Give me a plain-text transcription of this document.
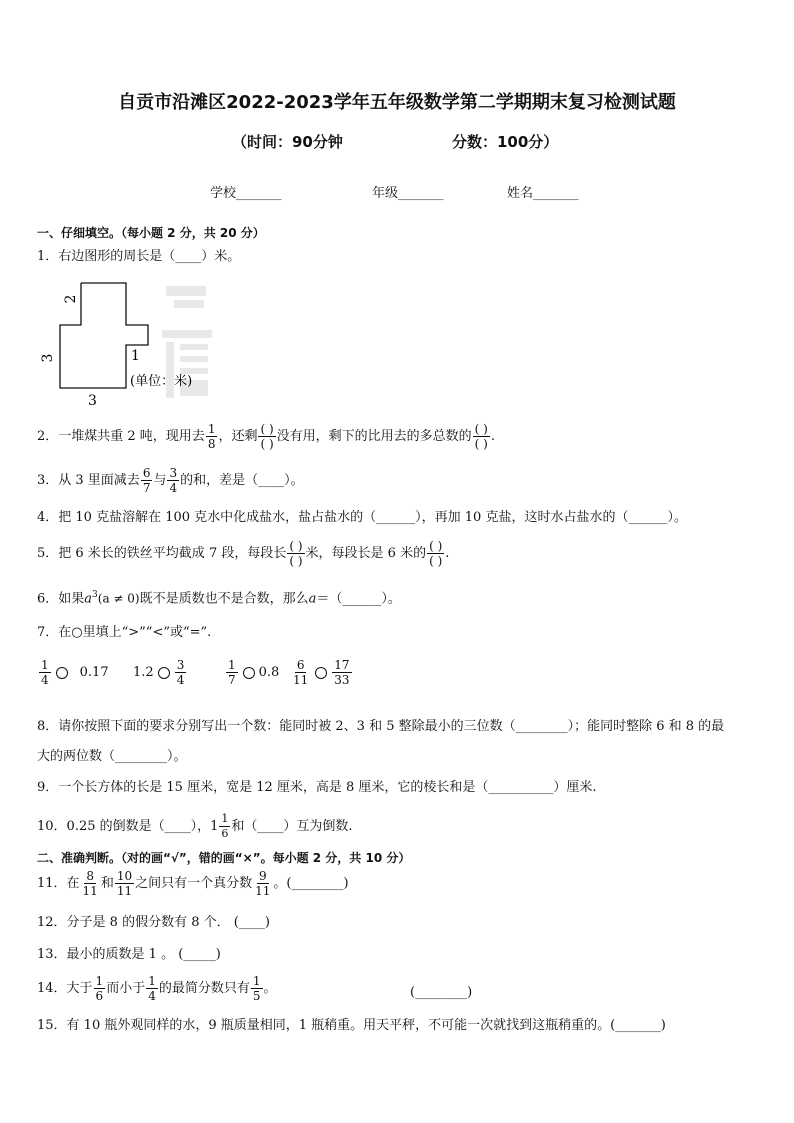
自贡市沿滩区2022-2023学年五年级数学第二学期期末复习检测试题
（时间：90分钟	分数：100分）
学校_______	年级_______	姓名_______
一、仔细填空。（每小题 2 分，共 20 分）
1．右边图形的周长是（____）米。
2
3	1
3
(单位：米)
2．一堆煤共重 2 吨，现用去 $\frac{1}{8}$ ，还剩 $\frac{( )}{( )}$ 没有用，剩下的比用去的多总数的 $\frac{( )}{( )}$ .
3．从 3 里面减去 $\frac{6}{7}$ 与 $\frac{3}{4}$ 的和，差是（____）。
4．把 10 克盐溶解在 100 克水中化成盐水，盐占盐水的（______），再加 10 克盐，这时水占盐水的（______）。
5．把 6 米长的铁丝平均截成 7 段，每段长 $\frac{( )}{( )}$ 米，每段长是 6 米的 $\frac{( )}{( )}$ .
6．如果$a^3(a \ne 0)$既不是质数也不是合数，那么a＝（______）。
7．在○里填上“>”“<”或“=”.
$\frac{1}{4} 0.17$ $1.2 \frac{3}{4}$	$\frac{1}{7} 0.8 \frac{6}{11} \frac{17}{33}$
8．请你按照下面的要求分别写出一个数：能同时被 2、3 和 5 整除最小的三位数（________）；能同时整除 6 和 8 的最
大的两位数（________）。
9．一个长方体的长是 15 厘米，宽是 12 厘米，高是 8 厘米，它的棱长和是（__________）厘米.
10．0.25 的倒数是（____），$1 \frac{1}{6}$ 和（____）互为倒数.
二、准确判断。（对的画“√”，错的画“×”。每小题 2 分，共 10 分）
11．在 $\frac{8}{11}$ 和 $\frac{10}{11}$ 之间只有一个真分数 $\frac{9}{11}$ 。(________)
12．分子是 8 的假分数有 8 个． (____)
13．最小的质数是 1 。 (_____)
14．大于 $\frac{1}{6}$ 而小于 $\frac{1}{4}$ 的最简分数只有 $\frac{1}{5}$ 。	(________)
15．有 10 瓶外观同样的水，9 瓶质量相同，1 瓶稍重。用天平秤，不可能一次就找到这瓶稍重的。(_______)
